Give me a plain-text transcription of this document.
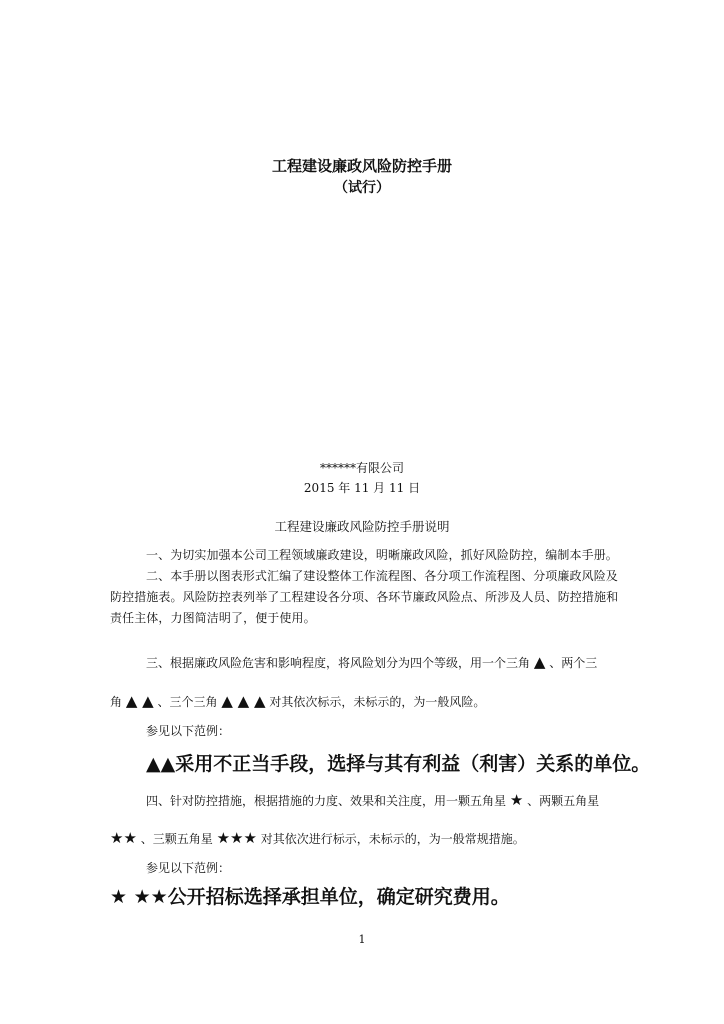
工程建设廉政风险防控手册
（试行）
******有限公司
2015 年 11 月 11 日
工程建设廉政风险防控手册说明

一、为切实加强本公司工程领域廉政建设，明晰廉政风险，抓好风险防控，编制本手册。

二、本手册以图表形式汇编了建设整体工作流程图、各分项工作流程图、分项廉政风险及防控措施表。风险防控表列举了工程建设各分项、各环节廉政风险点、所涉及人员、防控措施和责任主体，力图简洁明了，便于使用。

三、根据廉政风险危害和影响程度，将风险划分为四个等级，用一个三角 ▲ 、两个三
角 ▲ ▲ 、三个三角 ▲ ▲ ▲ 对其依次标示，未标示的，为一般风险。
参见以下范例：
▲▲采用不正当手段，选择与其有利益（利害）关系的单位。
四、针对防控措施，根据措施的力度、效果和关注度，用一颗五角星 ★ 、两颗五角星
★★ 、三颗五角星 ★★★ 对其依次进行标示，未标示的，为一般常规措施。
参见以下范例：
★ ★★公开招标选择承担单位，确定研究费用。
1
